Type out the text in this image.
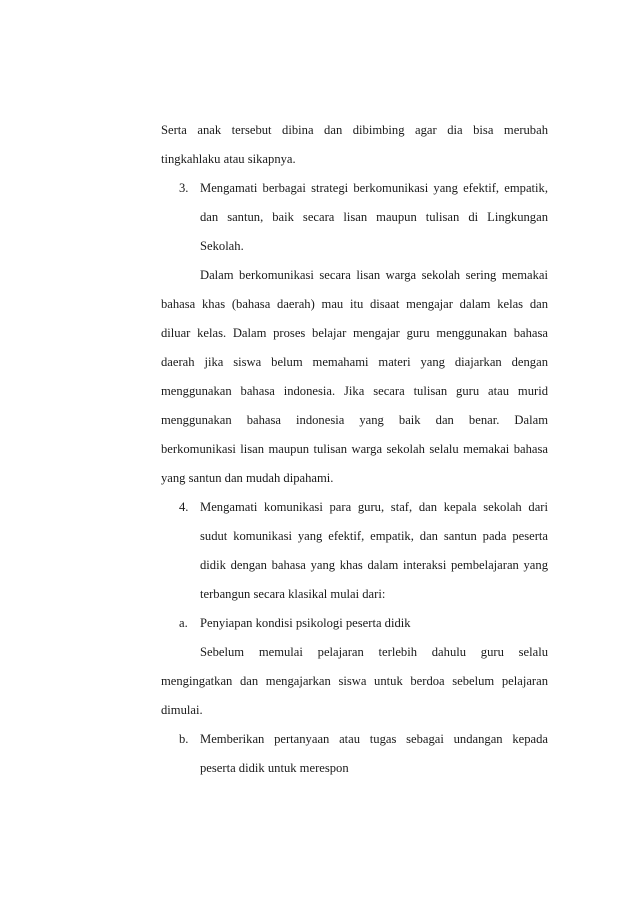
Serta anak tersebut dibina dan dibimbing agar dia bisa merubah
tingkahlaku atau sikapnya.
3. Mengamati berbagai strategi berkomunikasi yang efektif, empatik,
dan santun, baik secara lisan maupun tulisan di Lingkungan
Sekolah.
Dalam berkomunikasi secara lisan warga sekolah sering memakai
bahasa khas (bahasa daerah) mau itu disaat mengajar dalam kelas dan
diluar kelas. Dalam proses belajar mengajar guru menggunakan bahasa
daerah jika siswa belum memahami materi yang diajarkan dengan
menggunakan bahasa indonesia. Jika secara tulisan guru atau murid
menggunakan bahasa indonesia yang baik dan benar. Dalam
berkomunikasi lisan maupun tulisan warga sekolah selalu memakai bahasa
yang santun dan mudah dipahami.
4. Mengamati komunikasi para guru, staf, dan kepala sekolah dari
sudut komunikasi yang efektif, empatik, dan santun pada peserta
didik dengan bahasa yang khas dalam interaksi pembelajaran yang
terbangun secara klasikal mulai dari:
a. Penyiapan kondisi psikologi peserta didik
Sebelum memulai pelajaran terlebih dahulu guru selalu
mengingatkan dan mengajarkan siswa untuk berdoa sebelum pelajaran
dimulai.
b. Memberikan pertanyaan atau tugas sebagai undangan kepada
peserta didik untuk merespon
